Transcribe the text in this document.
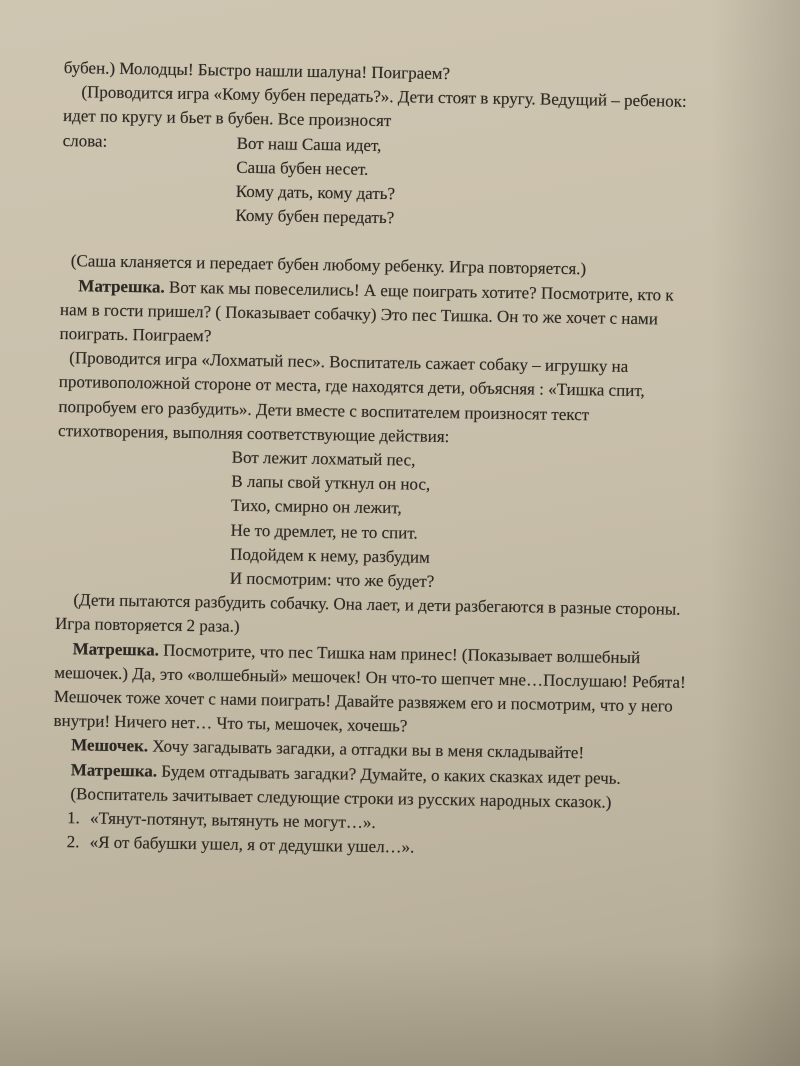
бубен.) Молодцы! Быстро нашли шалуна! Поиграем?

(Проводится игра «Кому бубен передать?». Дети стоят в кругу. Ведущий – ребенок: идет по кругу и бьет в бубен. Все произносят

слова:	Вот наш Саша идет,

Саша бубен несет.

Кому дать, кому дать?

Кому бубен передать?

(Саша кланяется и передает бубен любому ребенку. Игра повторяется.)

Матрешка. Вот как мы повеселились! А еще поиграть хотите? Посмотрите, кто к нам в гости пришел? ( Показывает собачку) Это пес Тишка. Он то же хочет с нами поиграть. Поиграем?

(Проводится игра «Лохматый пес». Воспитатель сажает собаку – игрушку на противоположной стороне от места, где находятся дети, объясняя : «Тишка спит, попробуем его разбудить». Дети вместе с воспитателем произносят текст стихотворения, выполняя соответствующие действия:

Вот лежит лохматый пес,

В лапы свой уткнул он нос,

Тихо, смирно он лежит,

Не то дремлет, не то спит.

Подойдем к нему, разбудим

И посмотрим: что же будет?

(Дети пытаются разбудить собачку. Она лает, и дети разбегаются в разные стороны. Игра повторяется 2 раза.)

Матрешка. Посмотрите, что пес Тишка нам принес! (Показывает волшебный мешочек.) Да, это «волшебный» мешочек! Он что-то шепчет мне…Послушаю! Ребята! Мешочек тоже хочет с нами поиграть! Давайте развяжем его и посмотрим, что у него внутри! Ничего нет… Что ты, мешочек, хочешь?

Мешочек. Хочу загадывать загадки, а отгадки вы в меня складывайте!

Матрешка. Будем отгадывать загадки? Думайте, о каких сказках идет речь.

(Воспитатель зачитывает следующие строки из русских народных сказок.)

1. «Тянут-потянут, вытянуть не могут…».
2. «Я от бабушки ушел, я от дедушки ушел…».
